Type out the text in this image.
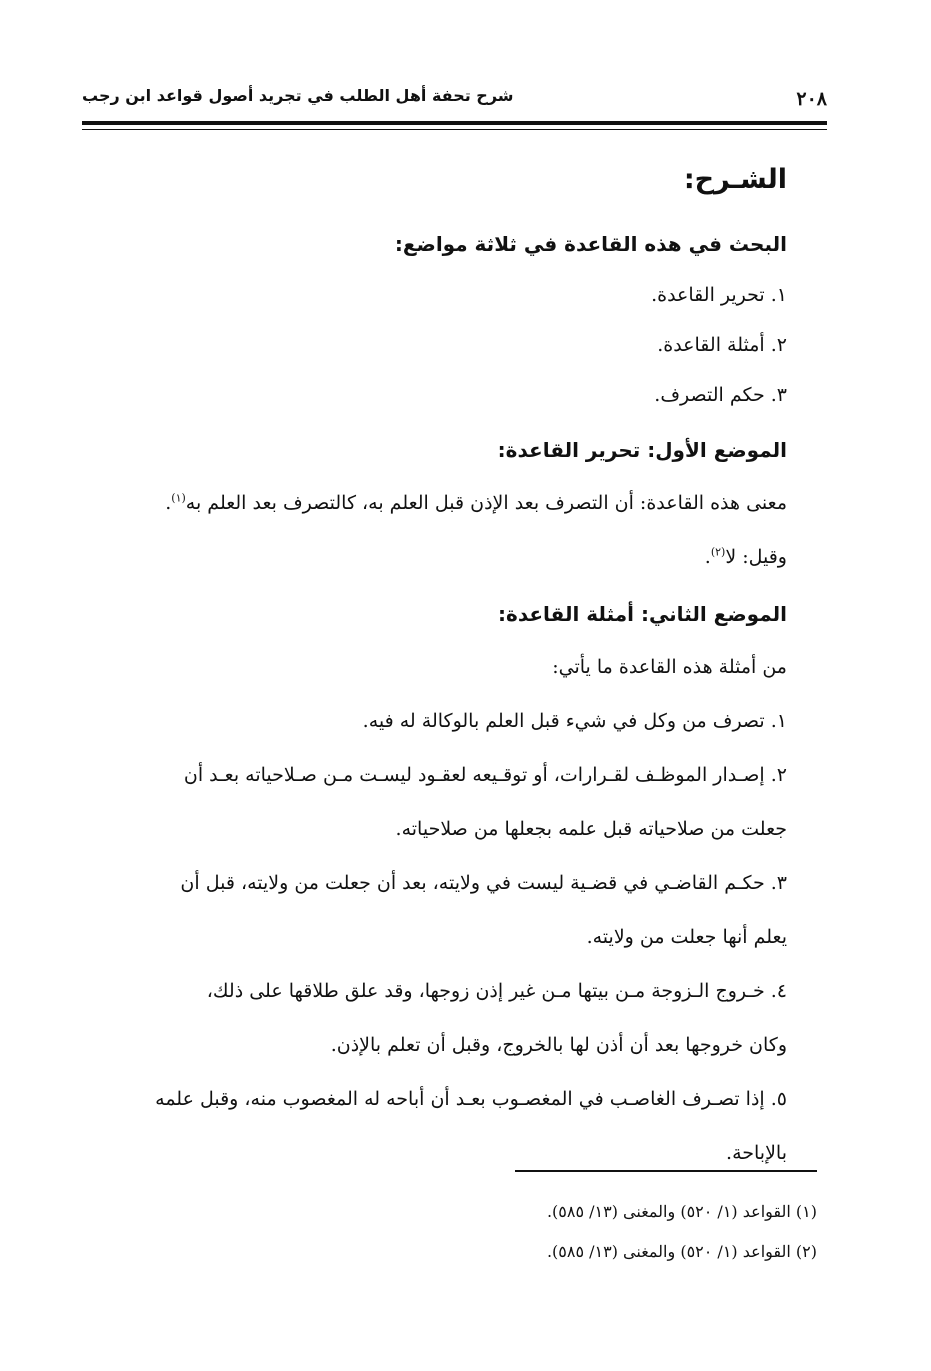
٢٠٨
شرح تحفة أهل الطلب في تجريد أصول قواعد ابن رجب

الشـرح:

البحث في هذه القاعدة في ثلاثة مواضع:

١. تحرير القاعدة.

٢. أمثلة القاعدة.

٣. حكم التصرف.

الموضع الأول: تحرير القاعدة:

معنى هذه القاعدة: أن التصرف بعد الإذن قبل العلم به، كالتصرف بعد العلم به$^{(١)}$.

وقيل: لا$^{(٢)}$.

الموضع الثاني: أمثلة القاعدة:

من أمثلة هذه القاعدة ما يأتي:

١. تصرف من وكل في شيء قبل العلم بالوكالة له فيه.

٢. إصـدار الموظـف لقـرارات، أو توقـيعه لعقـود ليسـت مـن صـلاحياته بعـد أن

جعلت من صلاحياته قبل علمه بجعلها من صلاحياته.

٣. حكـم القاضـي في قضـية ليست في ولايته، بعد أن جعلت من ولايته، قبل أن

يعلم أنها جعلت من ولايته.

٤. خـروج الـزوجة مـن بيتها مـن غير إذن زوجها، وقد علق طلاقها على ذلك،

وكان خروجها بعد أن أذن لها بالخروج، وقبل أن تعلم بالإذن.

٥. إذا تصـرف الغاصـب في المغصـوب بعـد أن أباحه له المغصوب منه، وقبل علمه

بالإباحة.

(١) القواعد (١/ ٥٢٠) والمغنى (١٣/ ٥٨٥).

(٢) القواعد (١/ ٥٢٠) والمغنى (١٣/ ٥٨٥).
